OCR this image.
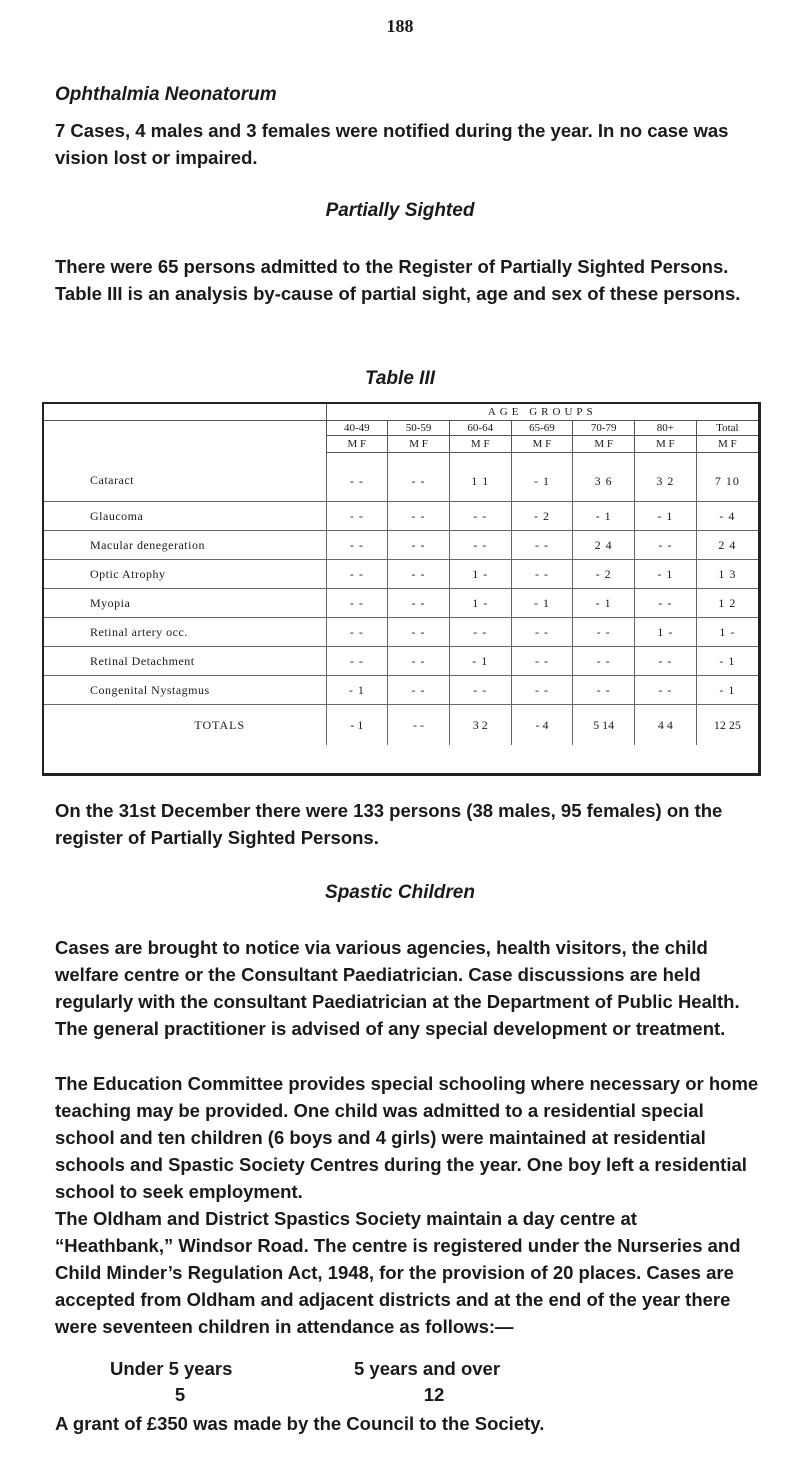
188
Ophthalmia Neonatorum

7 Cases, 4 males and 3 females were notified during the year. In no case was vision lost or impaired.

Partially Sighted

There were 65 persons admitted to the Register of Partially Sighted Persons. Table III is an analysis by-cause of partial sight, age and sex of these persons.

Table III
	AGE GROUPS						
	40-49	50-59	60-64	65-69	70-79	80+	Total
	M F	M F	M F	M F	M F	M F	M F
Cataract	- -	- -	1 1	- 1	3 6	3 2	7 10
Glaucoma	- -	- -	- -	- 2	- 1	- 1	- 4
Macular denegeration	- -	- -	- -	- -	2 4	- -	2 4
Optic Atrophy	- -	- -	1 -	- -	- 2	- 1	1 3
Myopia	- -	- -	1 -	- 1	- 1	- -	1 2
Retinal artery occ.	- -	- -	- -	- -	- -	1 -	1 -
Retinal Detachment	- -	- -	- 1	- -	- -	- -	- 1
Congenital Nystagmus	- 1	- -	- -	- -	- -	- -	- 1
TOTALS	- 1	- -	3 2	- 4	5 14	4 4	12 25

On the 31st December there were 133 persons (38 males, 95 females) on the register of Partially Sighted Persons.

Spastic Children

Cases are brought to notice via various agencies, health visitors, the child welfare centre or the Consultant Paediatrician. Case discussions are held regularly with the consultant Paediatrician at the Department of Public Health. The general practitioner is advised of any special development or treatment.

The Education Committee provides special schooling where necessary or home teaching may be provided. One child was admitted to a residential special school and ten children (6 boys and 4 girls) were maintained at residential schools and Spastic Society Centres during the year. One boy left a residential school to seek employment.

The Oldham and District Spastics Society maintain a day centre at “Heathbank,” Windsor Road. The centre is registered under the Nurseries and Child Minder’s Regulation Act, 1948, for the provision of 20 places. Cases are accepted from Oldham and adjacent districts and at the end of the year there were seventeen children in attendance as follows:—

Under 5 years
5
5 years and over
12

A grant of £350 was made by the Council to the Society.
